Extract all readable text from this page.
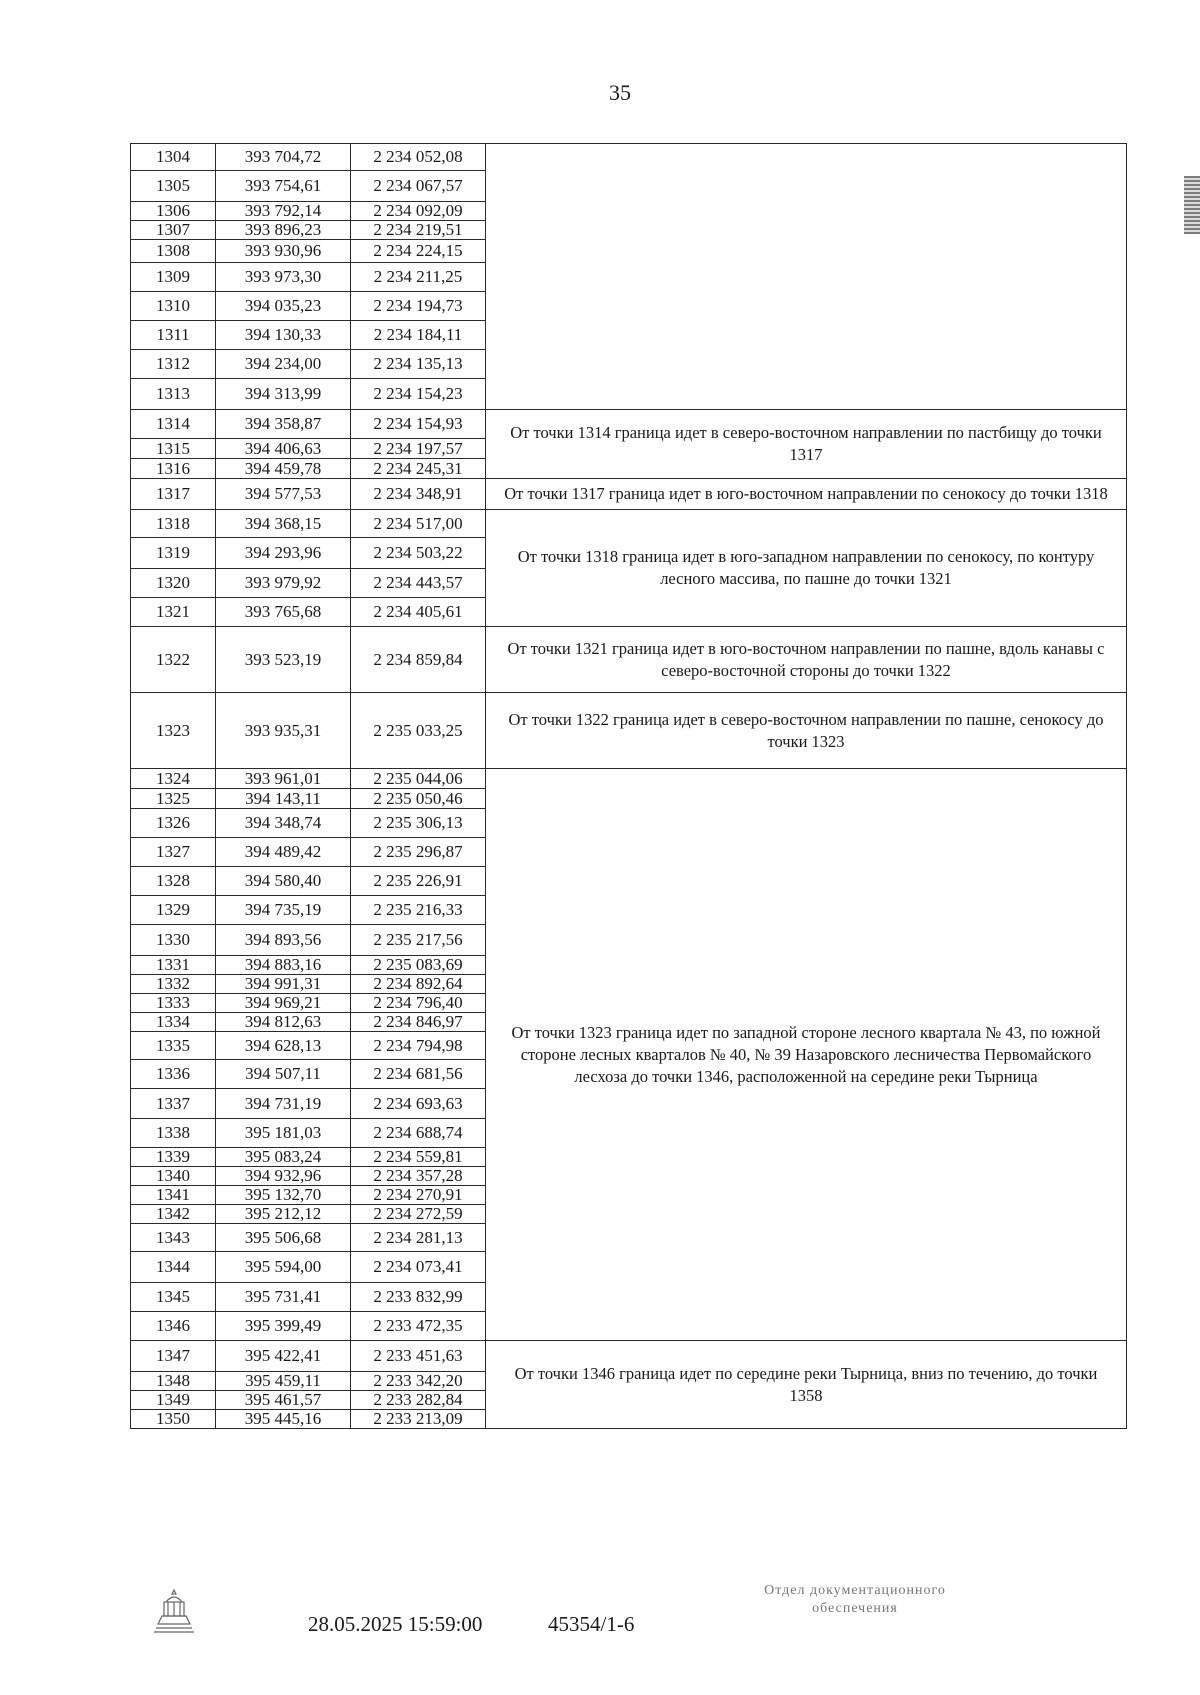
35
1304	393 704,72	2 234 052,08	
1305	393 754,61	2 234 067,57	
1306	393 792,14	2 234 092,09	
1307	393 896,23	2 234 219,51	
1308	393 930,96	2 234 224,15	
1309	393 973,30	2 234 211,25	
1310	394 035,23	2 234 194,73	
1311	394 130,33	2 234 184,11	
1312	394 234,00	2 234 135,13	
1313	394 313,99	2 234 154,23	
1314	394 358,87	2 234 154,93	От точки 1314 граница идет в северо-восточном направлении по пастбищу до точки 1317
1315	394 406,63	2 234 197,57	
1316	394 459,78	2 234 245,31	
1317	394 577,53	2 234 348,91	От точки 1317 граница идет в юго-восточном направлении по сенокосу до точки 1318
1318	394 368,15	2 234 517,00	От точки 1318 граница идет в юго-западном направлении по сенокосу, по контуру лесного массива, по пашне до точки 1321
1319	394 293,96	2 234 503,22	
1320	393 979,92	2 234 443,57	
1321	393 765,68	2 234 405,61	
1322	393 523,19	2 234 859,84	От точки 1321 граница идет в юго-восточном направлении по пашне, вдоль канавы с северо-восточной стороны до точки 1322
1323	393 935,31	2 235 033,25	От точки 1322 граница идет в северо-восточном направлении по пашне, сенокосу до точки 1323
1324	393 961,01	2 235 044,06	От точки 1323 граница идет по западной стороне лесного квартала № 43, по южной стороне лесных кварталов № 40, № 39 Назаровского лесничества Первомайского лесхоза до точки 1346, расположенной на середине реки Тырница
1325	394 143,11	2 235 050,46	
1326	394 348,74	2 235 306,13	
1327	394 489,42	2 235 296,87	
1328	394 580,40	2 235 226,91	
1329	394 735,19	2 235 216,33	
1330	394 893,56	2 235 217,56	
1331	394 883,16	2 235 083,69	
1332	394 991,31	2 234 892,64	
1333	394 969,21	2 234 796,40	
1334	394 812,63	2 234 846,97	
1335	394 628,13	2 234 794,98	
1336	394 507,11	2 234 681,56	
1337	394 731,19	2 234 693,63	
1338	395 181,03	2 234 688,74	
1339	395 083,24	2 234 559,81	
1340	394 932,96	2 234 357,28	
1341	395 132,70	2 234 270,91	
1342	395 212,12	2 234 272,59	
1343	395 506,68	2 234 281,13	
1344	395 594,00	2 234 073,41	
1345	395 731,41	2 233 832,99	
1346	395 399,49	2 233 472,35	
1347	395 422,41	2 233 451,63	От точки 1346 граница идет по середине реки Тырница, вниз по течению, до точки 1358
1348	395 459,11	2 233 342,20	
1349	395 461,57	2 233 282,84	
1350	395 445,16	2 233 213,09	
28.05.2025 15:59:00	45354/1-6
Отдел документационного
обеспечения
